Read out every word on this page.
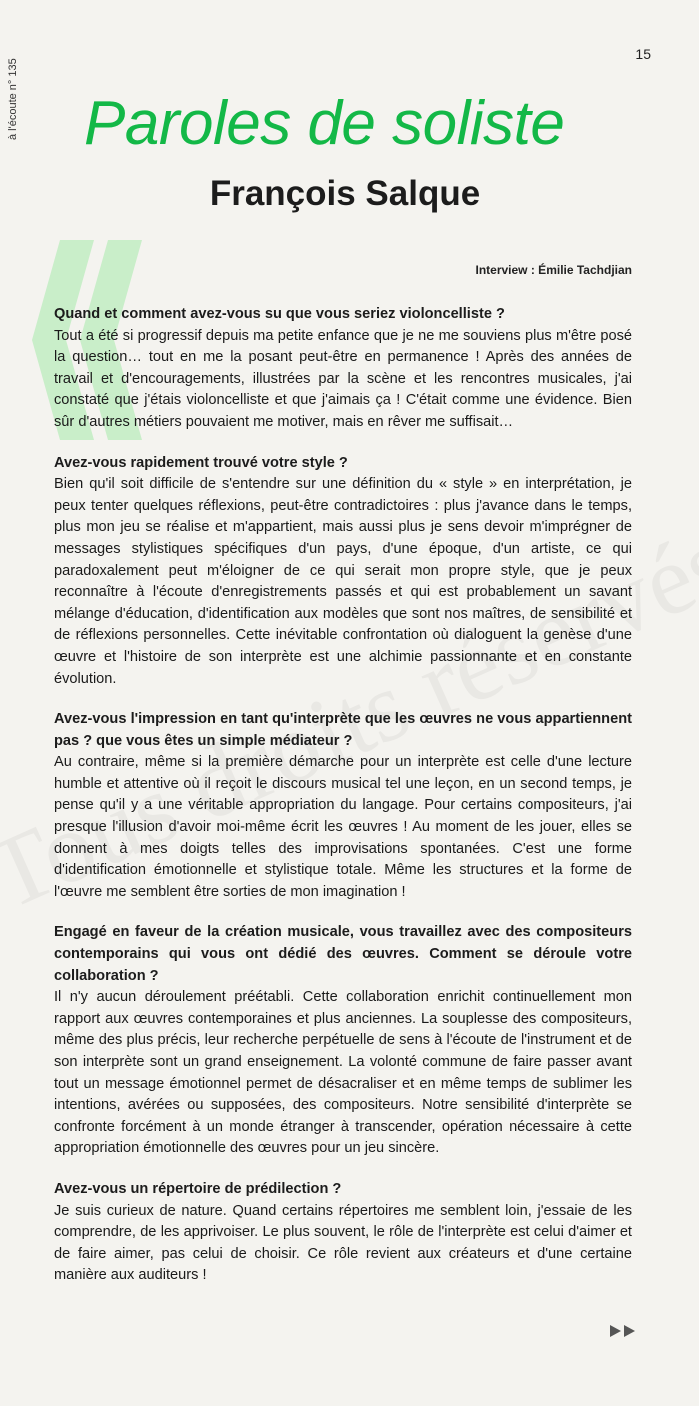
à l'écoute n° 135
15
Paroles de soliste
François Salque
Interview : Émilie Tachdjian
Quand et comment avez-vous su que vous seriez violoncelliste ?

Tout a été si progressif depuis ma petite enfance que je ne me souviens plus m'être posé la question… tout en me la posant peut-être en permanence ! Après des années de travail et d'encouragements, illustrées par la scène et les rencontres musicales, j'ai constaté que j'étais violoncelliste et que j'aimais ça ! C'était comme une évidence. Bien sûr d'autres métiers pouvaient me motiver, mais en rêver me suffisait…

Avez-vous rapidement trouvé votre style ?

Bien qu'il soit difficile de s'entendre sur une définition du « style » en interprétation, je peux tenter quelques réflexions, peut-être contradictoires : plus j'avance dans le temps, plus mon jeu se réalise et m'appartient, mais aussi plus je sens devoir m'imprégner de messages stylistiques spécifiques d'un pays, d'une époque, d'un artiste, ce qui paradoxalement peut m'éloigner de ce qui serait mon propre style, que je peux reconnaître à l'écoute d'enregistrements passés et qui est probablement un savant mélange d'éducation, d'identification aux modèles que sont nos maîtres, de sensibilité et de réflexions personnelles. Cette inévitable confrontation où dialoguent la genèse d'une œuvre et l'histoire de son interprète est une alchimie passionnante et en constante évolution.

Avez-vous l'impression en tant qu'interprète que les œuvres ne vous appartiennent pas ? que vous êtes un simple médiateur ?

Au contraire, même si la première démarche pour un interprète est celle d'une lecture humble et attentive où il reçoit le discours musical tel une leçon, en un second temps, je pense qu'il y a une véritable appropriation du langage. Pour certains compositeurs, j'ai presque l'illusion d'avoir moi-même écrit les œuvres ! Au moment de les jouer, elles se donnent à mes doigts telles des improvisations spontanées. C'est une forme d'identification émotionnelle et stylistique totale. Même les structures et la forme de l'œuvre me semblent être sorties de mon imagination !

Engagé en faveur de la création musicale, vous travaillez avec des compositeurs contemporains qui vous ont dédié des œuvres. Comment se déroule votre collaboration ?

Il n'y aucun déroulement préétabli. Cette collaboration enrichit continuellement mon rapport aux œuvres contemporaines et plus anciennes. La souplesse des compositeurs, même des plus précis, leur recherche perpétuelle de sens à l'écoute de l'instrument et de son interprète sont un grand enseignement. La volonté commune de faire passer avant tout un message émotionnel permet de désacraliser et en même temps de sublimer les intentions, avérées ou supposées, des compositeurs. Notre sensibilité d'interprète se confronte forcément à un monde étranger à transcender, opération nécessaire à cette appropriation émotionnelle des œuvres pour un jeu sincère.

Avez-vous un répertoire de prédilection ?

Je suis curieux de nature. Quand certains répertoires me semblent loin, j'essaie de les comprendre, de les apprivoiser. Le plus souvent, le rôle de l'interprète est celui d'aimer et de faire aimer, pas celui de choisir. Ce rôle revient aux créateurs et d'une certaine manière aux auditeurs !
